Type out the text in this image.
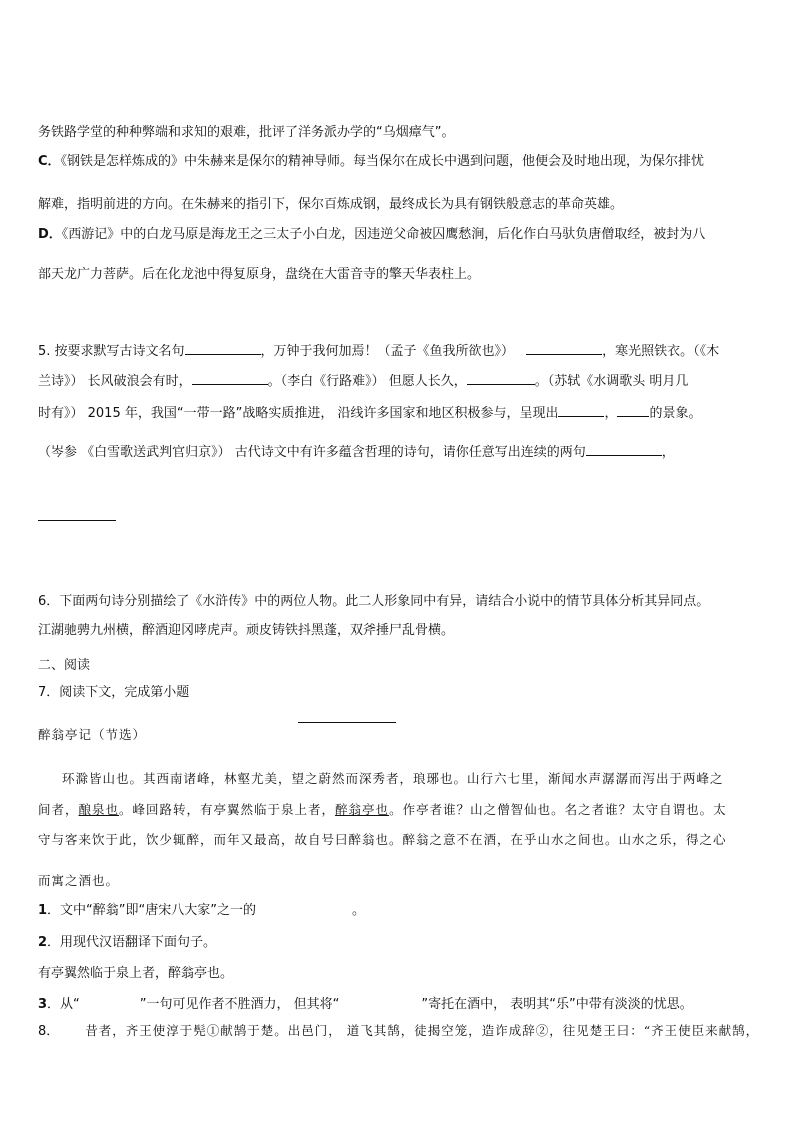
务铁路学堂的种种弊端和求知的艰难，批评了洋务派办学的“乌烟瘴气”。
C．《钢铁是怎样炼成的》中朱赫来是保尔的精神导师。每当保尔在成长中遇到问题，他便会及时地出现，为保尔排忧
解难，指明前进的方向。在朱赫来的指引下，保尔百炼成钢，最终成长为具有钢铁般意志的革命英雄。
D．《西游记》中的白龙马原是海龙王之三太子小白龙，因违逆父命被囚鹰愁涧，后化作白马驮负唐僧取经，被封为八
部天龙广力菩萨。后在化龙池中得复原身，盘绕在大雷音寺的擎天华表柱上。
5. 按要求默写古诗文名句	，万钟于我何加焉！（孟子《鱼我所欲也》）	，寒光照铁衣。（《木
兰诗》） 长风破浪会有时，	。（李白《行路难》） 但愿人长久，	。（苏轼《水调歌头 明月几
时有》） 2015 年，我国“一带一路”战略实质推进， 沿线许多国家和地区积极参与，呈现出	， 的景象。
（岑参 《白雪歌送武判官归京》） 古代诗文中有许多蕴含哲理的诗句，请你任意写出连续的两句	，
6．下面两句诗分别描绘了《水浒传》中的两位人物。此二人形象同中有异，请结合小说中的情节具体分析其异同点。
江湖驰骋九州横，醉酒迎冈哮虎声。顽皮铸铁抖黑蓬，双斧捶尸乱骨横。
二、阅读
7．阅读下文，完成第小题
醉翁亭记（节选）
环滁皆山也。其西南诸峰，林壑尤美，望之蔚然而深秀者，琅琊也。山行六七里，渐闻水声潺潺而泻出于两峰之
间者，酿泉也。峰回路转，有亭翼然临于泉上者，醉翁亭也。作亭者谁？山之僧智仙也。名之者谁？太守自谓也。太
守与客来饮于此，饮少辄醉，而年又最高，故自号曰醉翁也。醉翁之意不在酒，在乎山水之间也。山水之乐，得之心
而寓之酒也。
1．文中“醉翁”即“唐宋八大家”之一的	。
2．用现代汉语翻译下面句子。
有亭翼然临于泉上者，醉翁亭也。
3．从“	”一句可见作者不胜酒力， 但其将“	”寄托在酒中， 表明其“乐”中带有淡淡的忧思。
8． 昔者，齐王使淳于髡①献鹄于楚。出邑门， 道飞其鹄，徒揭空笼，造诈成辞②，往见楚王曰：“齐王使臣来献鹄，
